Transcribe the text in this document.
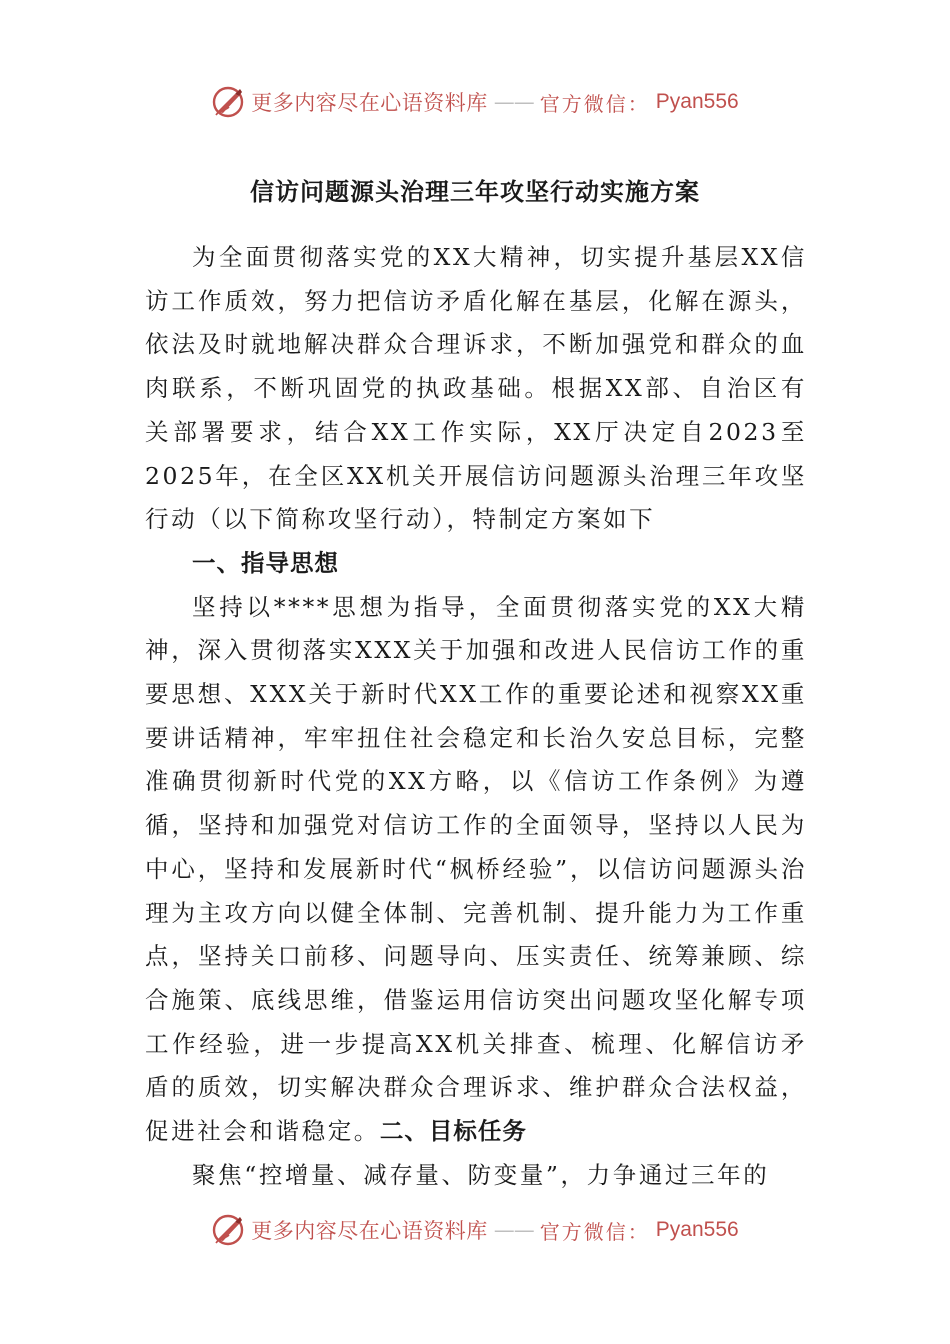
更多内容尽在心语资料库 —— 官方微信： Pyan556
信访问题源头治理三年攻坚行动实施方案

为全面贯彻落实党的XX大精神，切实提升基层XX信访工作质效，努力把信访矛盾化解在基层，化解在源头，依法及时就地解决群众合理诉求，不断加强党和群众的血肉联系，不断巩固党的执政基础。根据XX部、自治区有关部署要求，结合XX工作实际，XX厅决定自2023至2025年，在全区XX机关开展信访问题源头治理三年攻坚行动（以下简称攻坚行动），特制定方案如下

一、指导思想

坚持以****思想为指导，全面贯彻落实党的XX大精神，深入贯彻落实XXX关于加强和改进人民信访工作的重要思想、XXX关于新时代XX工作的重要论述和视察XX重要讲话精神，牢牢扭住社会稳定和长治久安总目标，完整准确贯彻新时代党的XX方略，以《信访工作条例》为遵循，坚持和加强党对信访工作的全面领导，坚持以人民为中心，坚持和发展新时代“枫桥经验”，以信访问题源头治理为主攻方向以健全体制、完善机制、提升能力为工作重点，坚持关口前移、问题导向、压实责任、统筹兼顾、综合施策、底线思维，借鉴运用信访突出问题攻坚化解专项工作经验，进一步提高XX机关排查、梳理、化解信访矛盾的质效，切实解决群众合理诉求、维护群众合法权益，促进社会和谐稳定。二、目标任务

聚焦“控增量、减存量、防变量”，力争通过三年的

更多内容尽在心语资料库 —— 官方微信： Pyan556
